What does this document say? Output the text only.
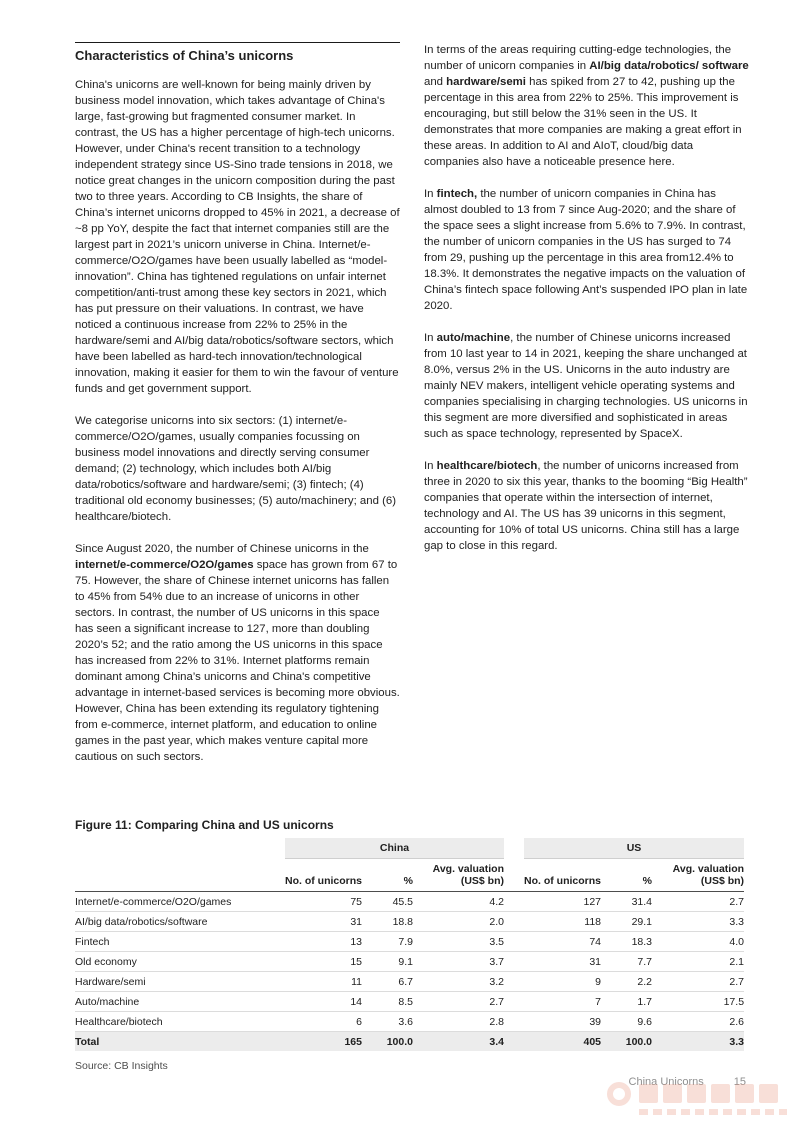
Characteristics of China’s unicorns

China's unicorns are well-known for being mainly driven by business model innovation, which takes advantage of China's large, fast-growing but fragmented consumer market. In contrast, the US has a higher percentage of high-tech unicorns. However, under China's recent transition to a technology independent strategy since US-Sino trade tensions in 2018, we notice great changes in the unicorn composition during the past two to three years. According to CB Insights, the share of China’s internet unicorns dropped to 45% in 2021, a decrease of ~8 pp YoY, despite the fact that internet companies still are the largest part in 2021’s unicorn universe in China. Internet/e-commerce/O2O/games have been usually labelled as “model-innovation”. China has tightened regulations on unfair internet competition/anti-trust among these key sectors in 2021, which has put pressure on their valuations. In contrast, we have noticed a continuous increase from 22% to 25% in the hardware/semi and AI/big data/robotics/software sectors, which have been labelled as hard-tech innovation/technological innovation, making it easier for them to win the favour of venture funds and get government support.

We categorise unicorns into six sectors: (1) internet/e-commerce/O2O/games, usually companies focussing on business model innovations and directly serving consumer demand; (2) technology, which includes both AI/big data/robotics/software and hardware/semi; (3) fintech; (4) traditional old economy businesses; (5) auto/machinery; and (6) healthcare/biotech.

Since August 2020, the number of Chinese unicorns in the internet/e-commerce/O2O/games space has grown from 67 to 75. However, the share of Chinese internet unicorns has fallen to 45% from 54% due to an increase of unicorns in other sectors. In contrast, the number of US unicorns in this space has seen a significant increase to 127, more than doubling 2020’s 52; and the ratio among the US unicorns in this space has increased from 22% to 31%. Internet platforms remain dominant among China’s unicorns and China's competitive advantage in internet-based services is becoming more obvious. However, China has been extending its regulatory tightening from e-commerce, internet platform, and education to online games in the past year, which makes venture capital more cautious on such sectors.

In terms of the areas requiring cutting-edge technologies, the number of unicorn companies in AI/big data/robotics/ software and hardware/semi has spiked from 27 to 42, pushing up the percentage in this area from 22% to 25%. This improvement is encouraging, but still below the 31% seen in the US. It demonstrates that more companies are making a great effort in these areas. In addition to AI and AIoT, cloud/big data companies also have a noticeable presence here.

In fintech, the number of unicorn companies in China has almost doubled to 13 from 7 since Aug-2020; and the share of the space sees a slight increase from 5.6% to 7.9%. In contrast, the number of unicorn companies in the US has surged to 74 from 29, pushing up the percentage in this area from12.4% to 18.3%. It demonstrates the negative impacts on the valuation of China’s fintech space following Ant’s suspended IPO plan in late 2020.

In auto/machine, the number of Chinese unicorns increased from 10 last year to 14 in 2021, keeping the share unchanged at 8.0%, versus 2% in the US. Unicorns in the auto industry are mainly NEV makers, intelligent vehicle operating systems and companies specialising in charging technologies. US unicorns in this segment are more diversified and sophisticated in areas such as space technology, represented by SpaceX.

In healthcare/biotech, the number of unicorns increased from three in 2020 to six this year, thanks to the booming “Big Health” companies that operate within the intersection of internet, technology and AI. The US has 39 unicorns in this segment, accounting for 10% of total US unicorns. China still has a large gap to close in this regard.

Figure 11: Comparing China and US unicorns
	China				US		
	No. of unicorns	%	Avg. valuation
(US$ bn)		No. of unicorns	%	Avg. valuation
(US$ bn)

Internet/e-commerce/O2O/games	75	45.5	4.2		127	31.4	2.7
AI/big data/robotics/software	31	18.8	2.0		118	29.1	3.3
Fintech	13	7.9	3.5		74	18.3	4.0
Old economy	15	9.1	3.7		31	7.7	2.1
Hardware/semi	11	6.7	3.2		9	2.2	2.7
Auto/machine	14	8.5	2.7		7	1.7	17.5
Healthcare/biotech	6	3.6	2.8		39	9.6	2.6
Total	165	100.0	3.4		405	100.0	3.3
Source: CB Insights
China Unicorns	15
